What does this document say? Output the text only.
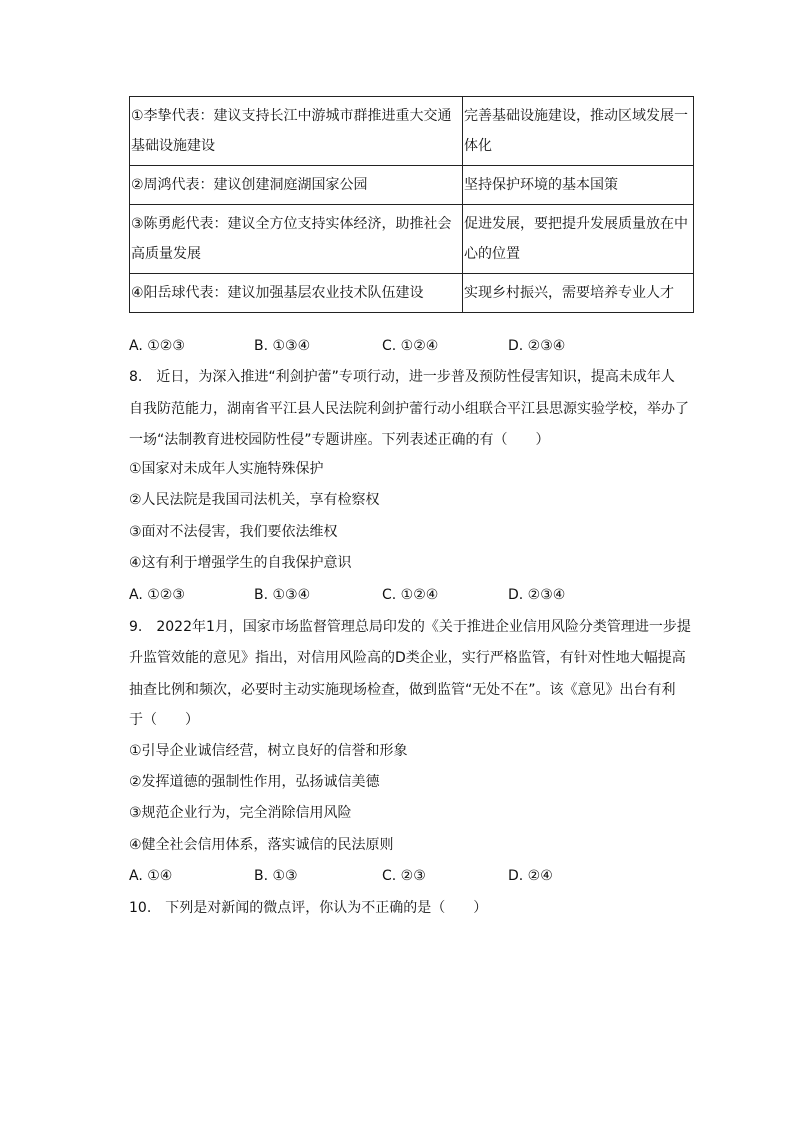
①李挚代表：建议支持长江中游城市群推进重大交通基础设施建设	完善基础设施建设，推动区域发展一体化
②周鸿代表：建议创建洞庭湖国家公园	坚持保护环境的基本国策
③陈勇彪代表：建议全方位支持实体经济，助推社会高质量发展	促进发展，要把提升发展质量放在中心的位置
④阳岳球代表：建议加强基层农业技术队伍建设	实现乡村振兴，需要培养专业人才
A. ①②③	B. ①③④	C. ①②④	D. ②③④
8.　近日，为深入推进“利剑护蕾”专项行动，进一步普及预防性侵害知识，提高未成年人
自我防范能力，湖南省平江县人民法院利剑护蕾行动小组联合平江县思源实验学校，举办了
一场“法制教育进校园防性侵”专题讲座。下列表述正确的有（　　）
①国家对未成年人实施特殊保护
②人民法院是我国司法机关，享有检察权
③面对不法侵害，我们要依法维权
④这有利于增强学生的自我保护意识
A. ①②③	B. ①③④	C. ①②④	D. ②③④
9.　2022年1月，国家市场监督管理总局印发的《关于推进企业信用风险分类管理进一步提
升监管效能的意见》指出，对信用风险高的D类企业，实行严格监管，有针对性地大幅提高
抽查比例和频次，必要时主动实施现场检查，做到监管“无处不在”。该《意见》出台有利
于（　　）
①引导企业诚信经营，树立良好的信誉和形象
②发挥道德的强制性作用，弘扬诚信美德
③规范企业行为，完全消除信用风险
④健全社会信用体系，落实诚信的民法原则
A. ①④	B. ①③	C. ②③	D. ②④
10.　下列是对新闻的微点评，你认为不正确的是（　　）
